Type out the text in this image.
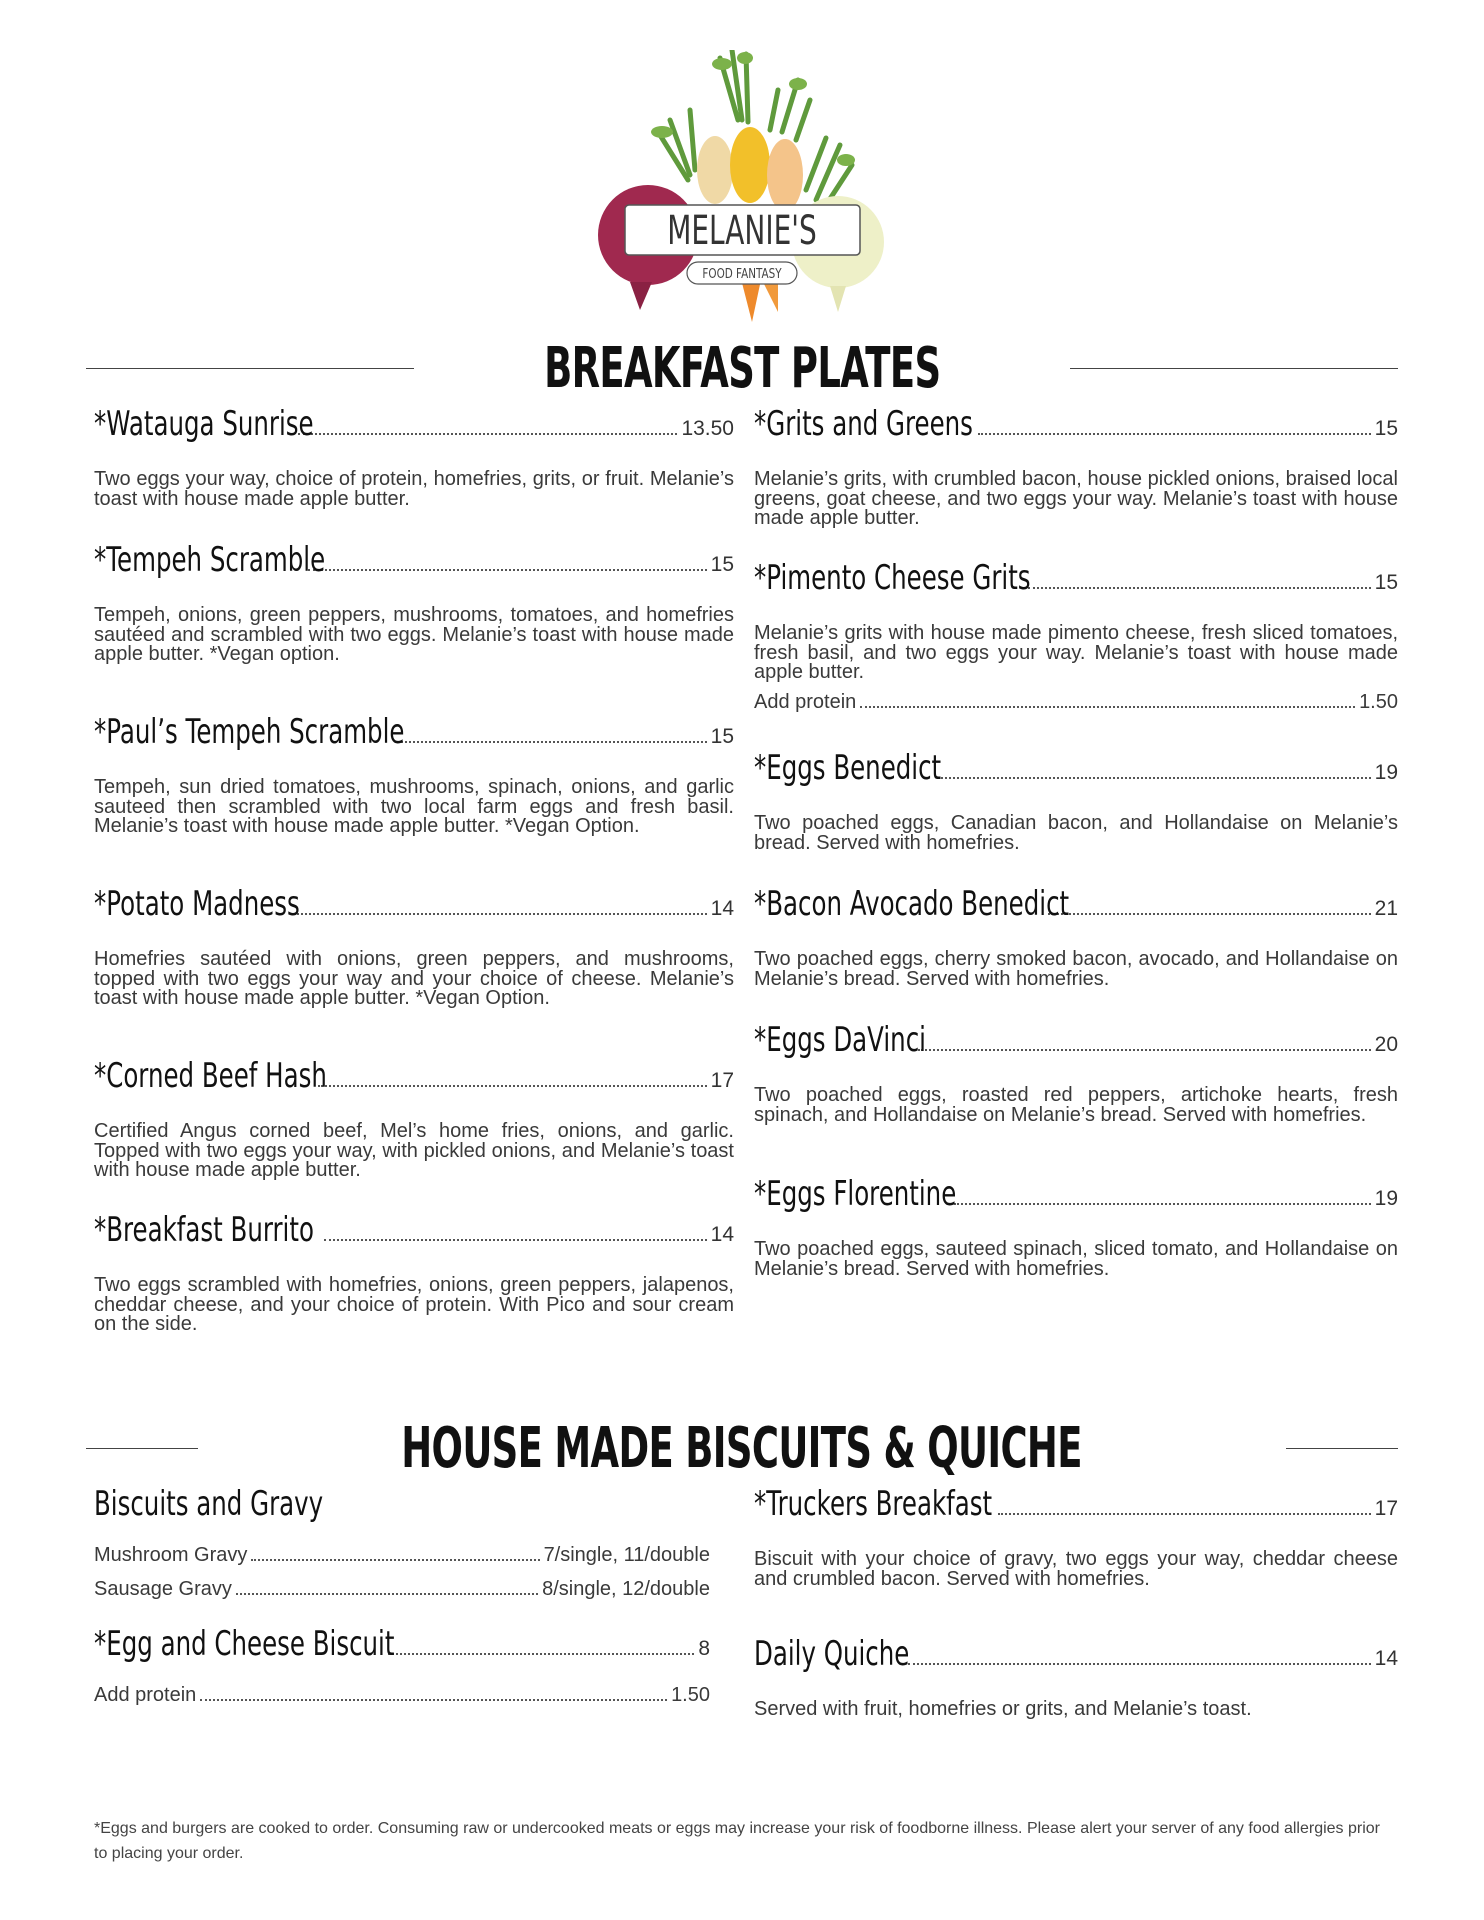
MELANIE'S
FOOD FANTASY
BREAKFAST PLATES
*Watauga Sunrise	13.50

Two eggs your way, choice of protein, homefries, grits, or fruit. Melanie’s toast with house made apple butter.

*Tempeh Scramble	15

Tempeh, onions, green peppers, mushrooms, tomatoes, and homefries sautéed and scrambled with two eggs. Melanie’s toast with house made apple butter. *Vegan option.

*Paul’s Tempeh Scramble	15

Tempeh, sun dried tomatoes, mushrooms, spinach, onions, and garlic sauteed then scrambled with two local farm eggs and fresh basil. Melanie’s toast with house made apple butter. *Vegan Option.

*Potato Madness	14

Homefries sautéed with onions, green peppers, and mushrooms, topped with two eggs your way and your choice of cheese. Melanie’s toast with house made apple butter. *Vegan Option.

*Corned Beef Hash	17

Certified Angus corned beef, Mel’s home fries, onions, and garlic. Topped with two eggs your way, with pickled onions, and Melanie’s toast with house made apple butter.

*Breakfast Burrito	14

Two eggs scrambled with homefries, onions, green peppers, jalapenos, cheddar cheese, and your choice of protein. With Pico and sour cream on the side.

*Grits and Greens	15

Melanie’s grits, with crumbled bacon, house pickled onions, braised local greens, goat cheese, and two eggs your way. Melanie’s toast with house made apple butter.

*Pimento Cheese Grits	15

Melanie’s grits with house made pimento cheese, fresh sliced tomatoes, fresh basil, and two eggs your way. Melanie’s toast with house made apple butter.

Add protein	1.50
*Eggs Benedict	19

Two poached eggs, Canadian bacon, and Hollandaise on Melanie’s bread. Served with homefries.

*Bacon Avocado Benedict	21

Two poached eggs, cherry smoked bacon, avocado, and Hollandaise on Melanie’s bread. Served with homefries.

*Eggs DaVinci	20

Two poached eggs, roasted red peppers, artichoke hearts, fresh spinach, and Hollandaise on Melanie’s bread. Served with homefries.

*Eggs Florentine	19

Two poached eggs, sauteed spinach, sliced tomato, and Hollandaise on Melanie’s bread. Served with homefries.

HOUSE MADE BISCUITS & QUICHE
Biscuits and Gravy
Mushroom Gravy	7/single, 11/double
Sausage Gravy	8/single, 12/double
*Egg and Cheese Biscuit	8
Add protein	1.50
*Truckers Breakfast	17

Biscuit with your choice of gravy, two eggs your way, cheddar cheese and crumbled bacon. Served with homefries.

Daily Quiche	14

Served with fruit, homefries or grits, and Melanie’s toast.

*Eggs and burgers are cooked to order. Consuming raw or undercooked meats or eggs may increase your risk of foodborne illness. Please alert your server of any food allergies prior to placing your order.
